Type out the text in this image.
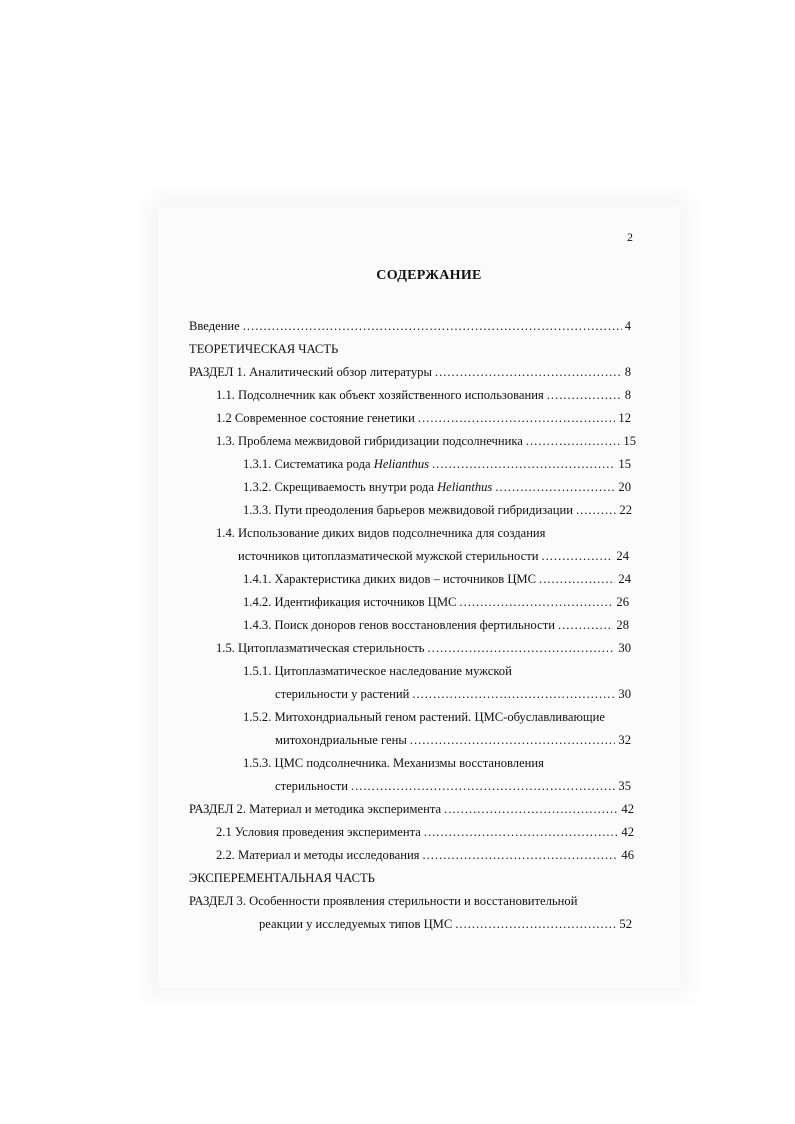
2
СОДЕРЖАНИЕ
Введение .....	4
ТЕОРЕТИЧЕСКАЯ ЧАСТЬ
РАЗДЕЛ 1. Аналитический обзор литературы .....	8
1.1. Подсолнечник как объект хозяйственного использования .....	8
1.2 Современное состояние генетики .....	12
1.3. Проблема межвидовой гибридизации подсолнечника .....	15
1.3.1. Систематика рода Helianthus .....	15
1.3.2. Скрещиваемость внутри рода Helianthus .....	20
1.3.3. Пути преодоления барьеров межвидовой гибридизации .....	22
1.4. Использование диких видов подсолнечника для создания
источников цитоплазматической мужской стерильности .....	24
1.4.1. Характеристика диких видов – источников ЦМС .....	24
1.4.2. Идентификация источников ЦМС .....	26
1.4.3. Поиск доноров генов восстановления фертильности .....	28
1.5. Цитоплазматическая стерильность .....	30
1.5.1. Цитоплазматическое наследование мужской
стерильности у растений .....	30
1.5.2. Митохондриальный геном растений. ЦМС-обуславливающие
митохондриальные гены .....	32
1.5.3. ЦМС подсолнечника. Механизмы восстановления
стерильности .....	35
РАЗДЕЛ 2. Материал и методика эксперимента .....	42
2.1 Условия проведения эксперимента .....	42
2.2. Материал и методы исследования .....	46
ЭКСПЕРЕМЕНТАЛЬНАЯ ЧАСТЬ
РАЗДЕЛ 3. Особенности проявления стерильности и восстановительной
реакции у исследуемых типов ЦМС .....	52
